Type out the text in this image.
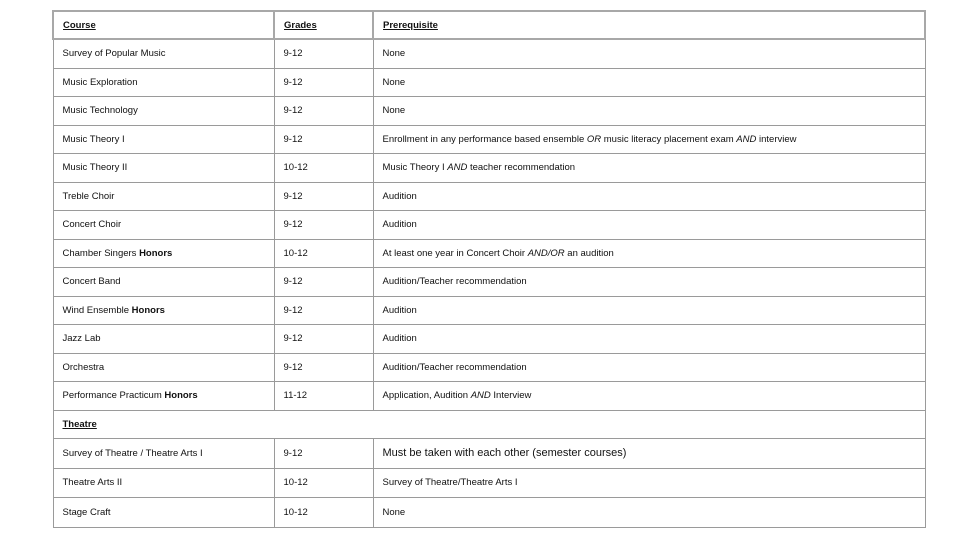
Course	Grades	Prerequisite
Survey of Popular Music	9-12	None
Music Exploration	9-12	None
Music Technology	9-12	None
Music Theory I	9-12	Enrollment in any performance based ensemble OR music literacy placement exam AND interview
Music Theory II	10-12	Music Theory I AND teacher recommendation
Treble Choir	9-12	Audition
Concert Choir	9-12	Audition
Chamber Singers Honors	10-12	At least one year in Concert Choir AND/OR an audition
Concert Band	9-12	Audition/Teacher recommendation
Wind Ensemble Honors	9-12	Audition
Jazz Lab	9-12	Audition
Orchestra	9-12	Audition/Teacher recommendation
Performance Practicum Honors	11-12	Application, Audition AND Interview
Theatre		
Survey of Theatre / Theatre Arts I	9-12	Must be taken with each other (semester courses)
Theatre Arts II	10-12	Survey of Theatre/Theatre Arts I
Stage Craft	10-12	None
